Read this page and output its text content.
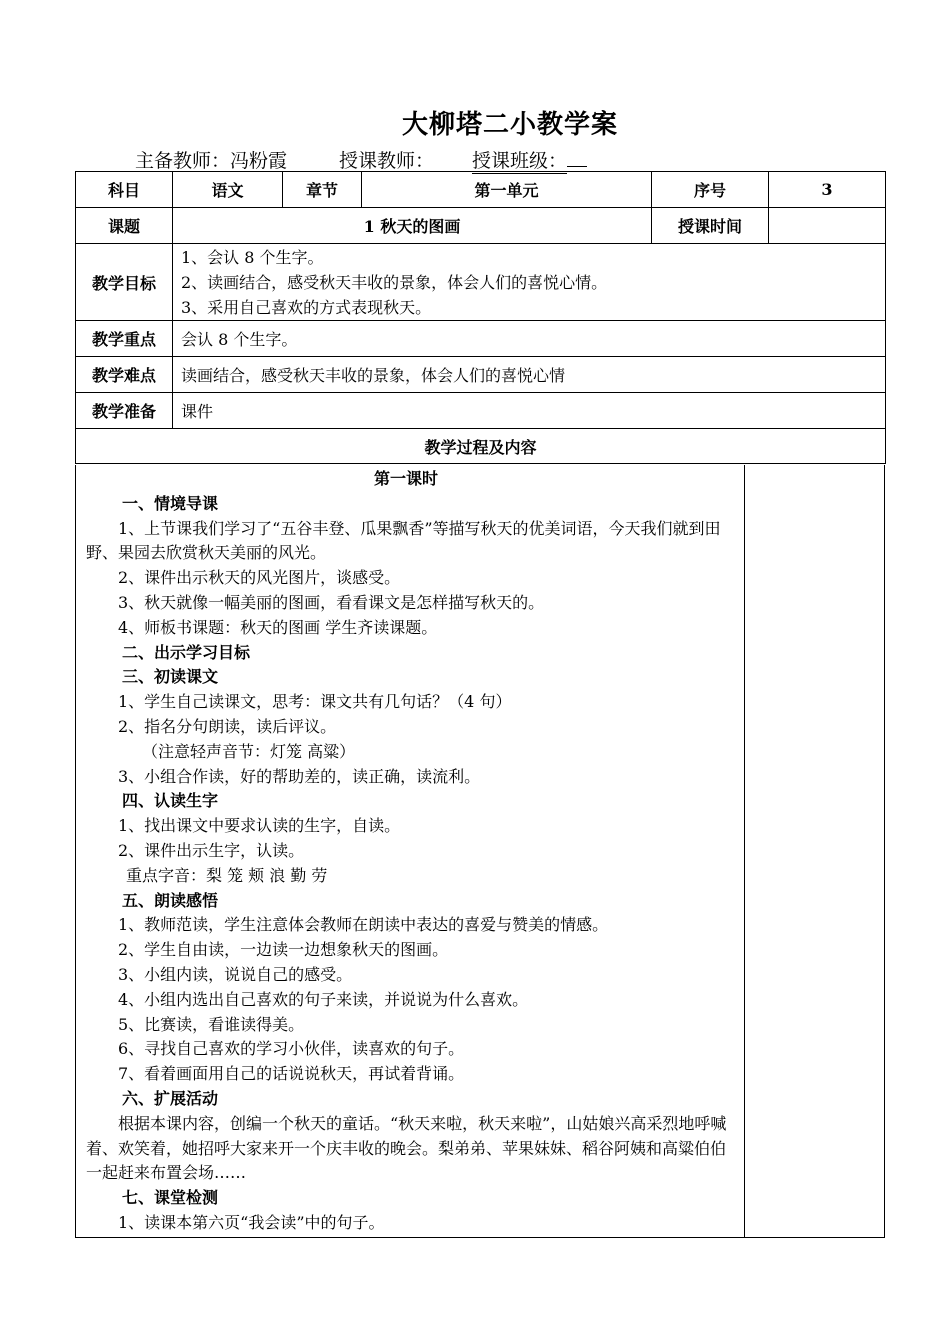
大柳塔二小教学案
主备教师：冯粉霞	授课教师： 授课班级：
科目	语文	章节	第一单元	序号	3
课题	1 秋天的图画			授课时间	
教学目标	1、会认 8 个生字。
2、读画结合，感受秋天丰收的景象，体会人们的喜悦心情。
3、采用自己喜欢的方式表现秋天。				

教学重点	会认 8 个生字。				
教学难点	读画结合，感受秋天丰收的景象，体会人们的喜悦心情				
教学准备	课件				
教学过程及内容					
第一课时
一、情境导课
1、上节课我们学习了“五谷丰登、瓜果飘香”等描写秋天的优美词语，今天我们就到田野、果园去欣赏秋天美丽的风光。
2、课件出示秋天的风光图片，谈感受。
3、秋天就像一幅美丽的图画，看看课文是怎样描写秋天的。
4、师板书课题：秋天的图画 学生齐读课题。
二、出示学习目标
三、初读课文
1、学生自己读课文，思考：课文共有几句话？（4 句）
2、指名分句朗读，读后评议。
（注意轻声音节：灯笼 高粱）
3、小组合作读，好的帮助差的，读正确，读流利。
四、认读生字
1、找出课文中要求认读的生字，自读。
2、课件出示生字，认读。
重点字音：梨 笼 颊 浪 勤 劳
五、朗读感悟
1、教师范读，学生注意体会教师在朗读中表达的喜爱与赞美的情感。
2、学生自由读，一边读一边想象秋天的图画。
3、小组内读，说说自己的感受。
4、小组内选出自己喜欢的句子来读，并说说为什么喜欢。
5、比赛读，看谁读得美。
6、寻找自己喜欢的学习小伙伴，读喜欢的句子。
7、看着画面用自己的话说说秋天，再试着背诵。
六、扩展活动
根据本课内容，创编一个秋天的童话。“秋天来啦，秋天来啦”，山姑娘兴高采烈地呼喊着、欢笑着，她招呼大家来开一个庆丰收的晚会。梨弟弟、苹果妹妹、稻谷阿姨和高粱伯伯一起赶来布置会场……
七、课堂检测
1、读课本第六页“我会读”中的句子。
